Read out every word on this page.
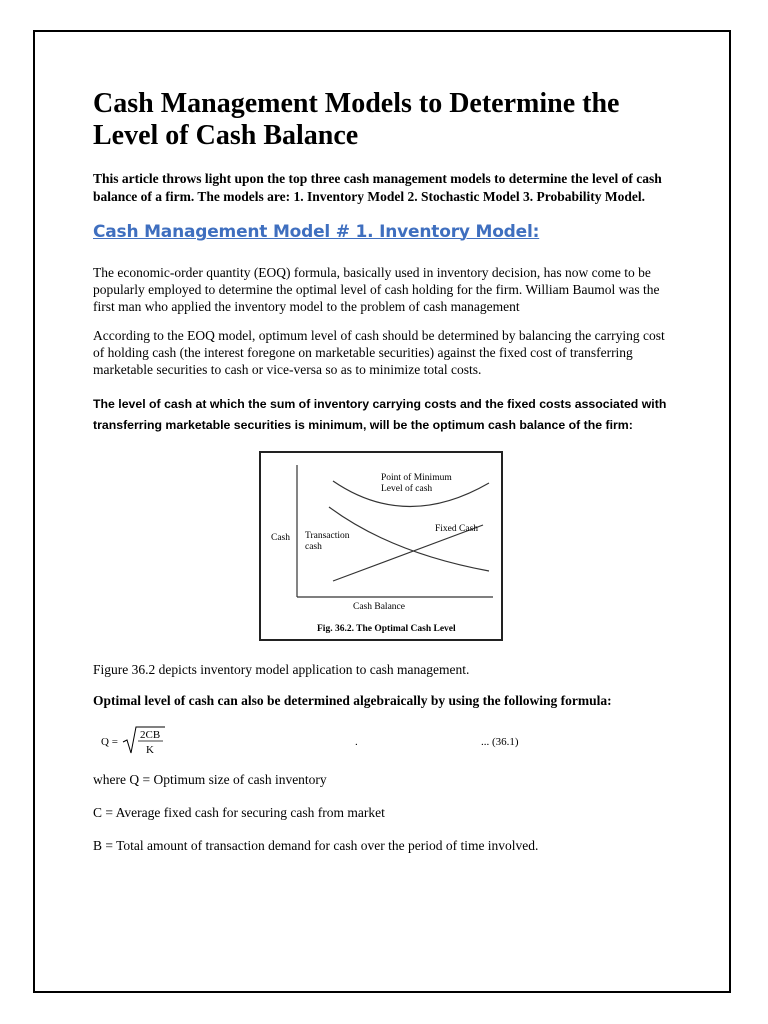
Cash Management Models to Determine the Level of Cash Balance

This article throws light upon the top three cash management models to determine the level of cash balance of a firm. The models are: 1. Inventory Model 2. Stochastic Model 3. Probability Model.

Cash Management Model # 1. Inventory Model:

The economic-order quantity (EOQ) formula, basically used in inventory decision, has now come to be popularly employed to determine the optimal level of cash holding for the firm. William Baumol was the first man who applied the inventory model to the problem of cash management

According to the EOQ model, optimum level of cash should be determined by balancing the carrying cost of holding cash (the interest foregone on marketable securities) against the fixed cost of transferring marketable securities to cash or vice-versa so as to minimize total costs.

The level of cash at which the sum of inventory carrying costs and the fixed costs associated with transferring marketable securities is minimum, will be the optimum cash balance of the firm:

Point of Minimum
Level of cash
Fixed Cash
Cash Transaction
cash
Cash Balance
Fig. 36.2. The Optimal Cash Level

Figure 36.2 depicts inventory model application to cash management.

Optimal level of cash can also be determined algebraically by using the following formula:

Q =
2CB
K
.	... (36.1)

where Q = Optimum size of cash inventory

C = Average fixed cash for securing cash from market

B = Total amount of transaction demand for cash over the period of time involved.
